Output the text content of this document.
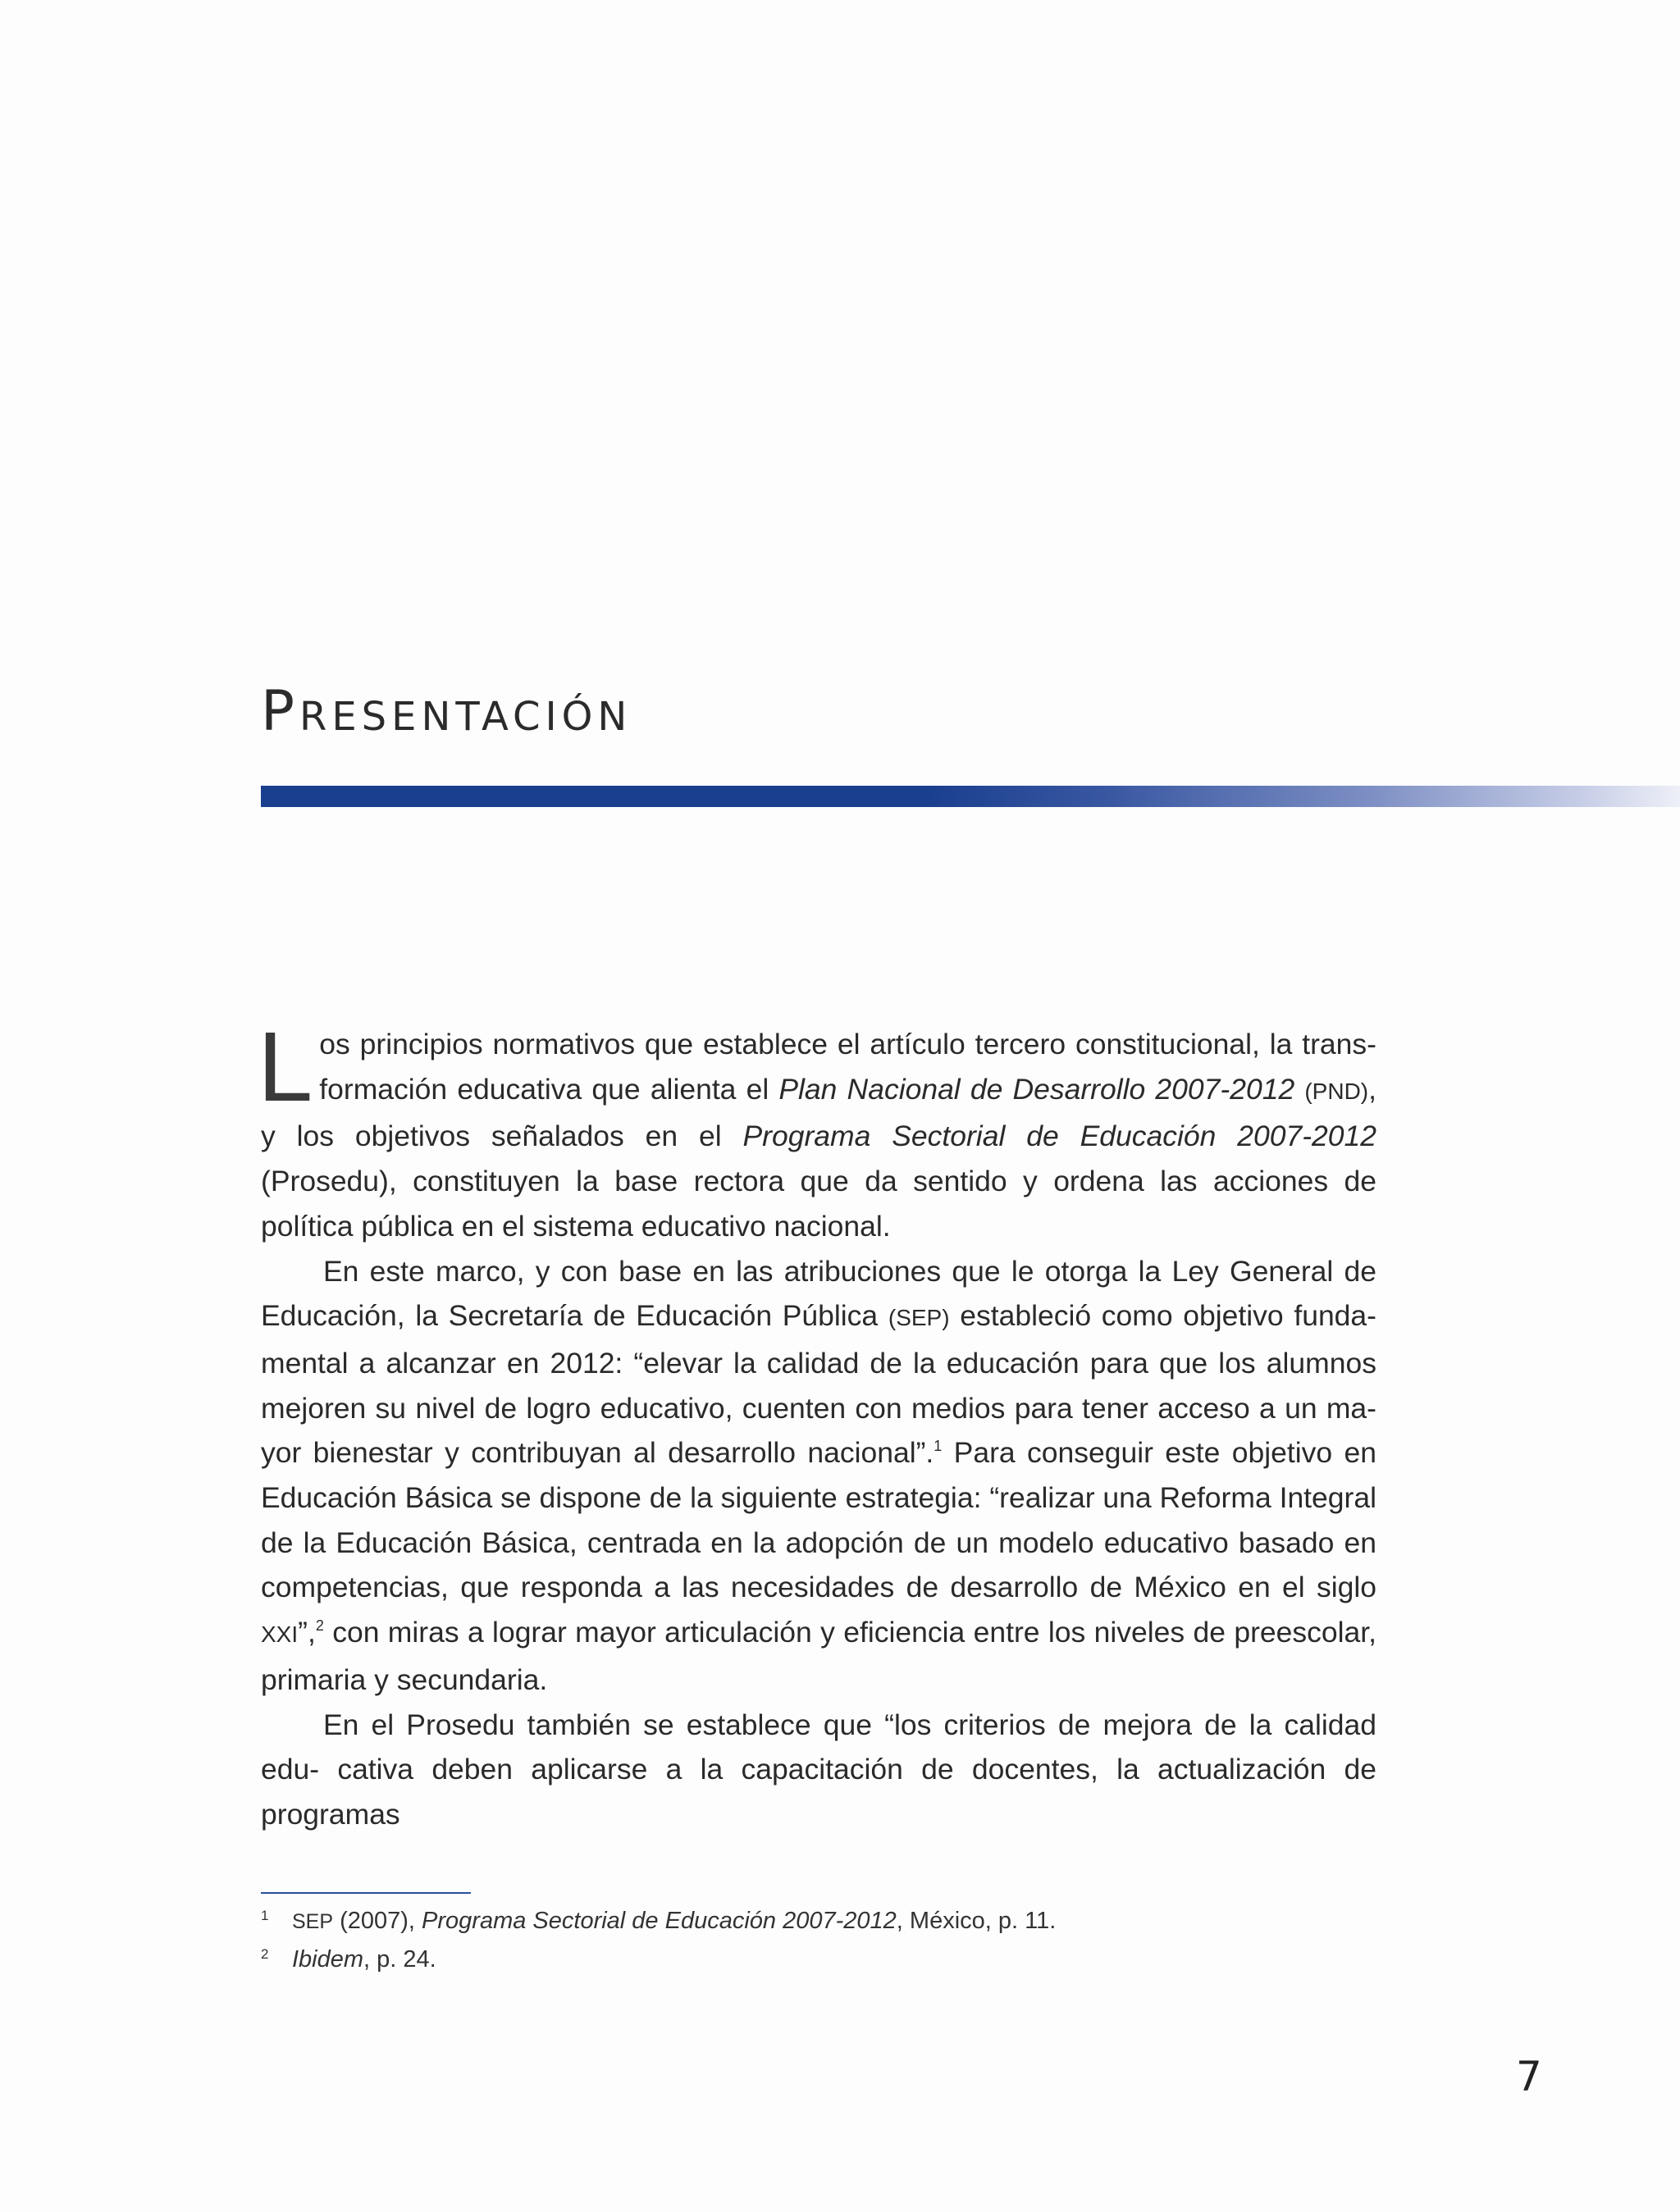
Presentación

Los principios normativos que establece el artículo tercero constitucional, la trans- formación educativa que alienta el Plan Nacional de Desarrollo 2007-2012 (PND), y los objetivos señalados en el Programa Sectorial de Educación 2007-2012 (Prosedu), constituyen la base rectora que da sentido y ordena las acciones de política pública en el sistema educativo nacional.

En este marco, y con base en las atribuciones que le otorga la Ley General de Educación, la Secretaría de Educación Pública (SEP) estableció como objetivo funda- mental a alcanzar en 2012: “elevar la calidad de la educación para que los alumnos mejoren su nivel de logro educativo, cuenten con medios para tener acceso a un ma- yor bienestar y contribuyan al desarrollo nacional”.$^1$ Para conseguir este objetivo en Educación Básica se dispone de la siguiente estrategia: “realizar una Reforma Integral de la Educación Básica, centrada en la adopción de un modelo educativo basado en competencias, que responda a las necesidades de desarrollo de México en el siglo XXI”,$^2$ con miras a lograr mayor articulación y eficiencia entre los niveles de preescolar, primaria y secundaria.

En el Prosedu también se establece que “los criterios de mejora de la calidad edu- cativa deben aplicarse a la capacitación de docentes, la actualización de programas

1 SEP (2007), Programa Sectorial de Educación 2007-2012, México, p. 11.
2 Ibidem, p. 24.
7
